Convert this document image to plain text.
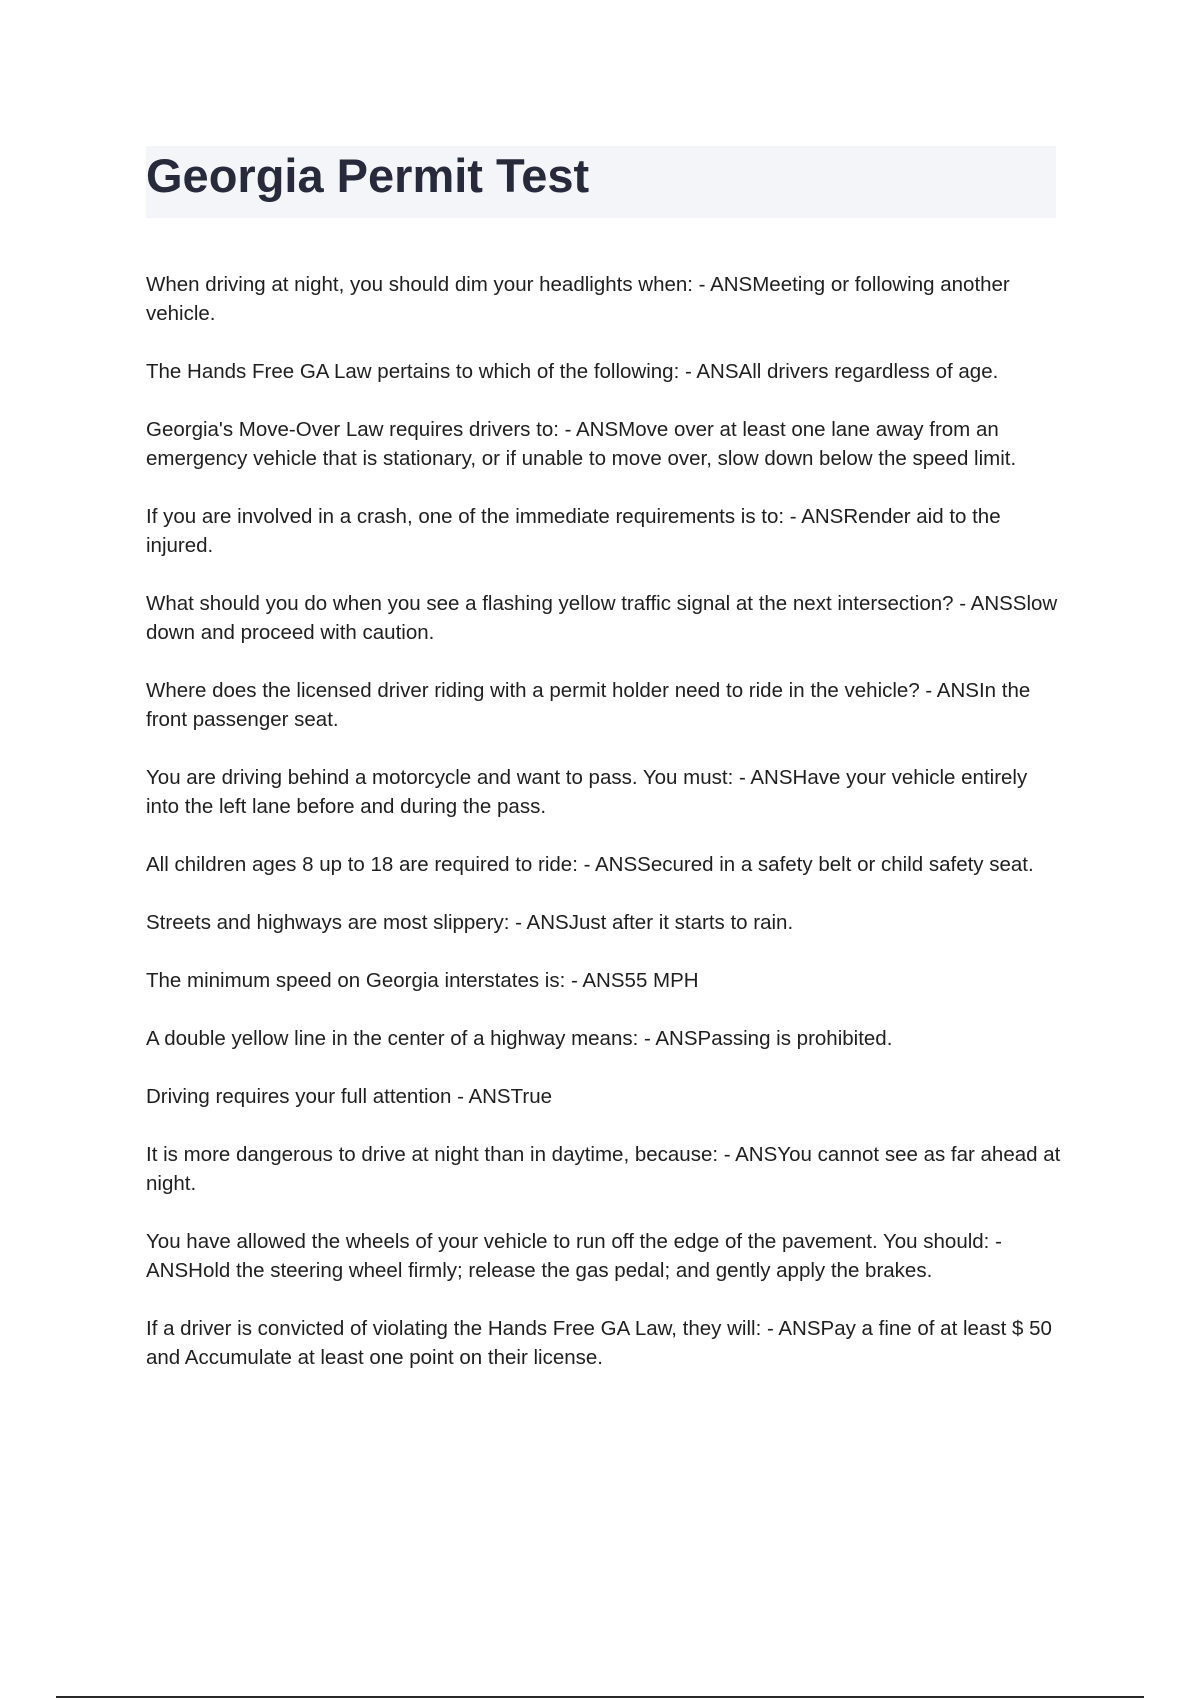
Georgia Permit Test
When driving at night, you should dim your headlights when: - ANSMeeting or following another vehicle.
The Hands Free GA Law pertains to which of the following: - ANSAll drivers regardless of age.
Georgia's Move-Over Law requires drivers to: - ANSMove over at least one lane away from an emergency vehicle that is stationary, or if unable to move over, slow down below the speed limit.
If you are involved in a crash, one of the immediate requirements is to: - ANSRender aid to the injured.
What should you do when you see a flashing yellow traffic signal at the next intersection? - ANSSlow down and proceed with caution.
Where does the licensed driver riding with a permit holder need to ride in the vehicle? - ANSIn the front passenger seat.
You are driving behind a motorcycle and want to pass. You must: - ANSHave your vehicle entirely into the left lane before and during the pass.
All children ages 8 up to 18 are required to ride: - ANSSecured in a safety belt or child safety seat.
Streets and highways are most slippery: - ANSJust after it starts to rain.
The minimum speed on Georgia interstates is: - ANS55 MPH
A double yellow line in the center of a highway means: - ANSPassing is prohibited.
Driving requires your full attention - ANSTrue
It is more dangerous to drive at night than in daytime, because: - ANSYou cannot see as far ahead at night.
You have allowed the wheels of your vehicle to run off the edge of the pavement. You should: - ANSHold the steering wheel firmly; release the gas pedal; and gently apply the brakes.
If a driver is convicted of violating the Hands Free GA Law, they will: - ANSPay a fine of at least $ 50 and Accumulate at least one point on their license.
